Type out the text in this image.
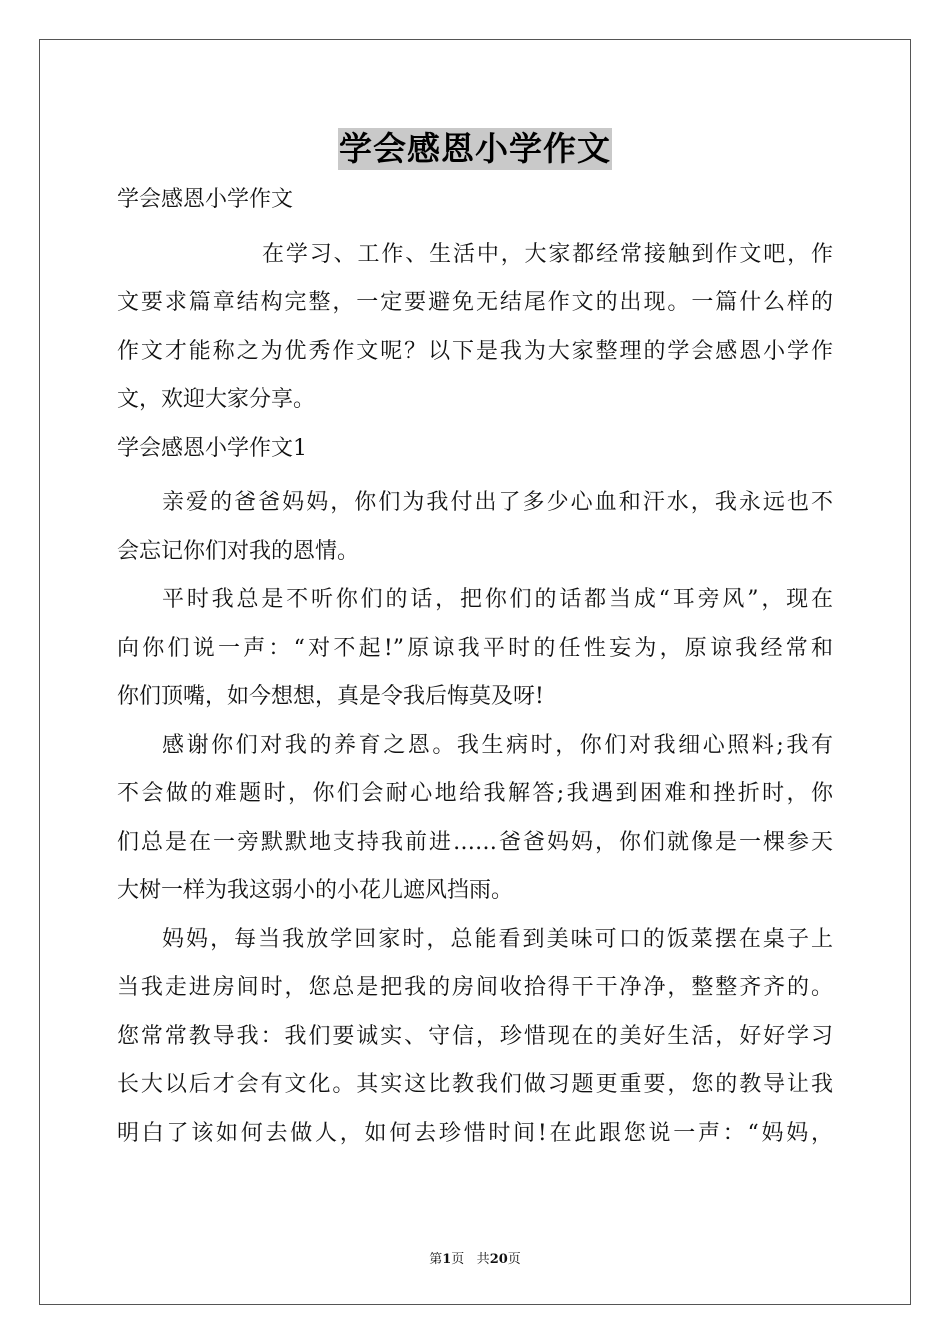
学会感恩小学作文
学会感恩小学作文
在学习、工作、生活中，大家都经常接触到作文吧，作
文要求篇章结构完整，一定要避免无结尾作文的出现。一篇什么样的
作文才能称之为优秀作文呢？以下是我为大家整理的学会感恩小学作
文，欢迎大家分享。
学会感恩小学作文1
亲爱的爸爸妈妈，你们为我付出了多少心血和汗水，我永远也不
会忘记你们对我的恩情。
平时我总是不听你们的话，把你们的话都当成“耳旁风”，现在
向你们说一声：“对不起!”原谅我平时的任性妄为，原谅我经常和
你们顶嘴，如今想想，真是令我后悔莫及呀!
感谢你们对我的养育之恩。我生病时，你们对我细心照料;我有
不会做的难题时，你们会耐心地给我解答;我遇到困难和挫折时，你
们总是在一旁默默地支持我前进……爸爸妈妈，你们就像是一棵参天
大树一样为我这弱小的小花儿遮风挡雨。
妈妈，每当我放学回家时，总能看到美味可口的饭菜摆在桌子上
当我走进房间时，您总是把我的房间收拾得干干净净，整整齐齐的。
您常常教导我：我们要诚实、守信，珍惜现在的美好生活，好好学习
长大以后才会有文化。其实这比教我们做习题更重要，您的教导让我
明白了该如何去做人，如何去珍惜时间!在此跟您说一声：“妈妈，
第1页 共20页
